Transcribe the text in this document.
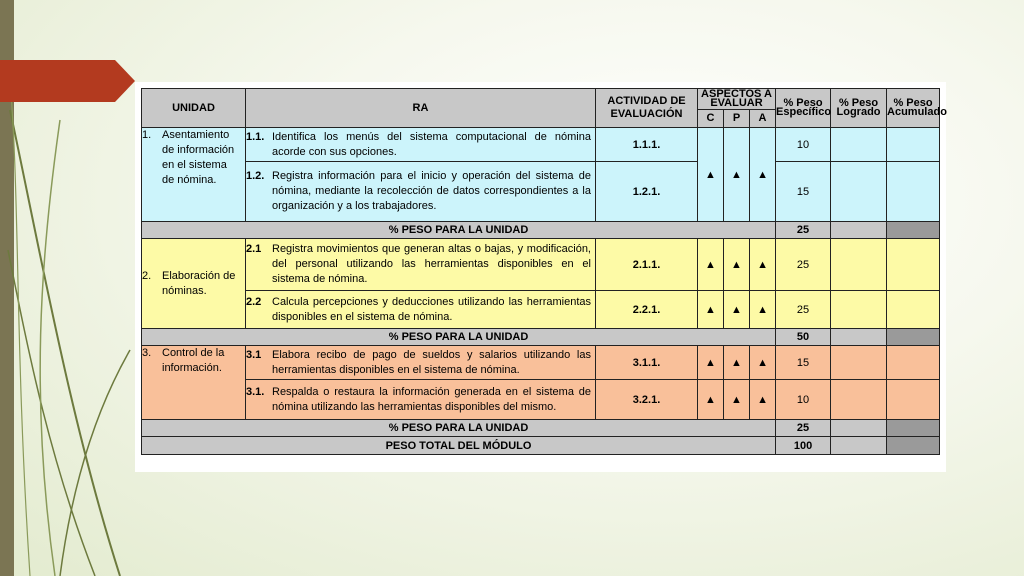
UNIDAD	RA	ACTIVIDAD DE EVALUACIÓN	ASPECTOS A EVALUAR			% Peso Específico	% Peso Logrado	% Peso Acumulado
			C	P	A			
1. Asentamiento de información en el sistema de nómina.	1.1. Identifica los menús del sistema computacional de nómina acorde con sus opciones.	1.1.1.	▲	▲	▲	10		
	1.2. Registra información para el inicio y operación del sistema de nómina, mediante la recolección de datos correspondientes a la organización y a los trabajadores.	1.2.1.				15		
% PESO PARA LA UNIDAD						25		
2. Elaboración de nóminas.	2.1 Registra movimientos que generan altas o bajas, y modificación, del personal utilizando las herramientas disponibles en el sistema de nómina.	2.1.1.	▲	▲	▲	25		
	2.2 Calcula percepciones y deducciones utilizando las herramientas disponibles en el sistema de nómina.	2.2.1.	▲	▲	▲	25		
% PESO PARA LA UNIDAD						50		
3. Control de la información.	3.1 Elabora recibo de pago de sueldos y salarios utilizando las herramientas disponibles en el sistema de nómina.	3.1.1.	▲	▲	▲	15		
	3.1. Respalda o restaura la información generada en el sistema de nómina utilizando las herramientas disponibles del mismo.	3.2.1.	▲	▲	▲	10		
% PESO PARA LA UNIDAD						25		
PESO TOTAL DEL MÓDULO						100		
